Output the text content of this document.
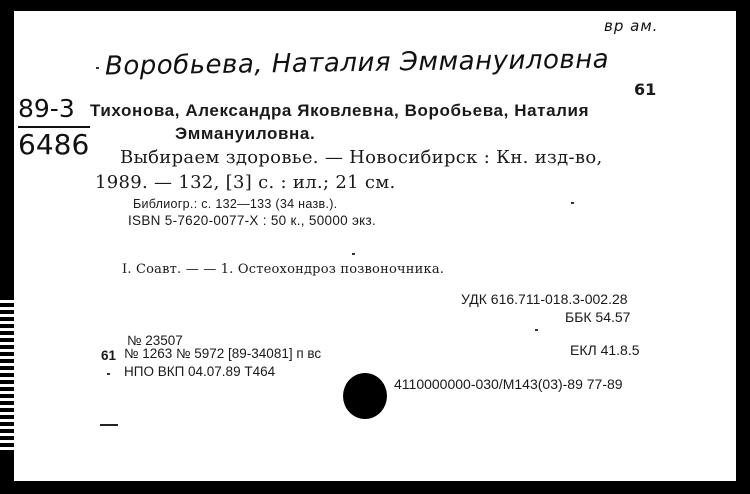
вр ам.
Воробьева, Наталия Эммануиловна
89-3
6486
61
Тихонова, Александра Яковлевна, Воробьева, Наталия
Эммануиловна.
Выбираем здоровье. — Новосибирск : Кн. изд-во,
1989. — 132, [3] с. : ил.; 21 см.
Библиогр.: с. 132—133 (34 назв.).
ISBN 5-7620-0077-X : 50 к., 50000 экз.
I. Соавт. — — 1. Остеохондроз позвоночника.
УДК 616.711-018.3-002.28
ББК 54.57
№ 23507
61 № 1263 № 5972 [89-34081] п вс	ЕКЛ 41.8.5
НПО ВКП 04.07.89 Т464
4110000000-030/М143(03)-89 77-89
